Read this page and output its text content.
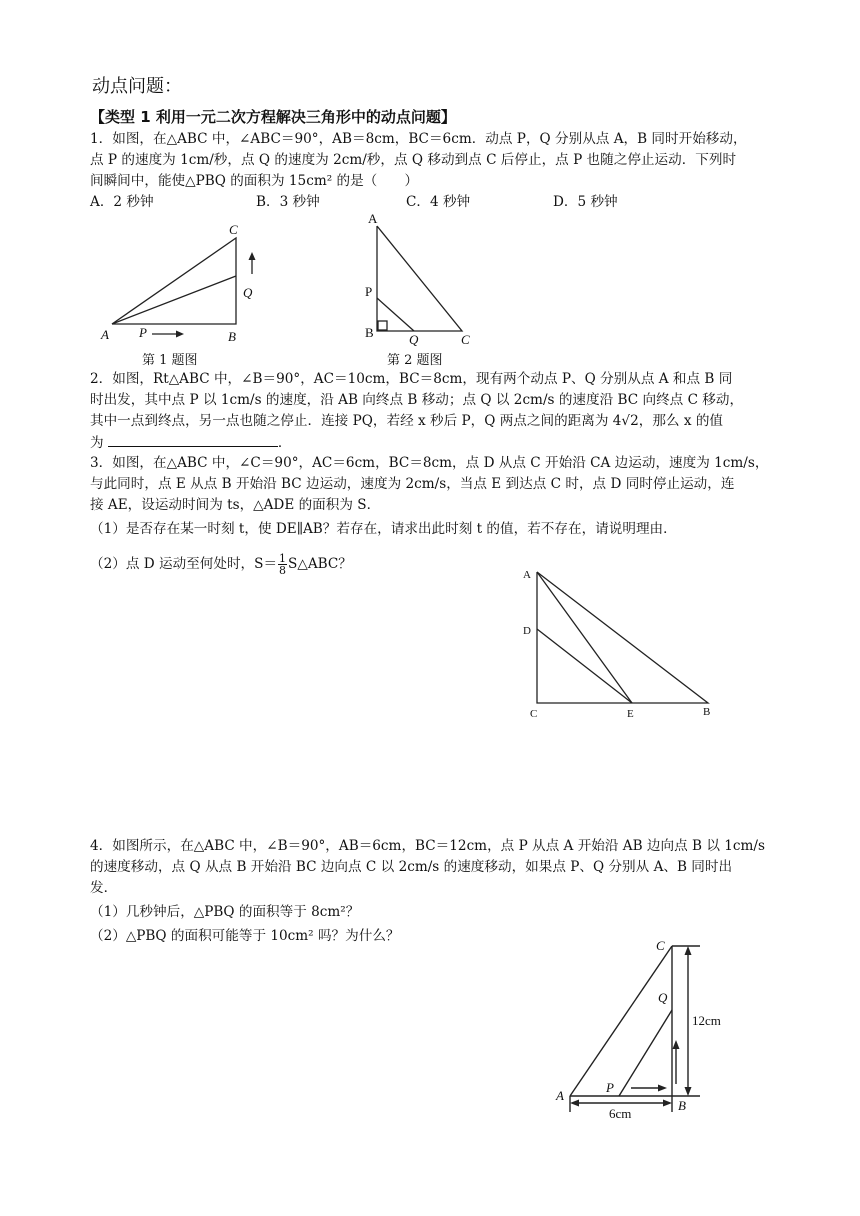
动点问题：
【类型 1 利用一元二次方程解决三角形中的动点问题】
1．如图，在△ABC 中，∠ABC＝90°，AB＝8cm，BC＝6cm．动点 P，Q 分别从点 A，B 同时开始移动，
点 P 的速度为 1cm/秒，点 Q 的速度为 2cm/秒，点 Q 移动到点 C 后停止，点 P 也随之停止运动．下列时
间瞬间中，能使△PBQ 的面积为 15cm² 的是（　　）
A．2 秒钟	B．3 秒钟	C．4 秒钟	D．5 秒钟
C
Q
A P	B
第 1 题图
A
P
B	Q	C
第 2 题图
2．如图，Rt△ABC 中，∠B＝90°，AC＝10cm，BC＝8cm，现有两个动点 P、Q 分别从点 A 和点 B 同
时出发，其中点 P 以 1cm/s 的速度，沿 AB 向终点 B 移动；点 Q 以 2cm/s 的速度沿 BC 向终点 C 移动，
其中一点到终点，另一点也随之停止．连接 PQ，若经 x 秒后 P，Q 两点之间的距离为 4√2，那么 x 的值
为	．
3．如图，在△ABC 中，∠C＝90°，AC＝6cm，BC＝8cm，点 D 从点 C 开始沿 CA 边运动，速度为 1cm/s，
与此同时，点 E 从点 B 开始沿 BC 边运动，速度为 2cm/s，当点 E 到达点 C 时，点 D 同时停止运动，连
接 AE，设运动时间为 ts，△ADE 的面积为 S．
（1）是否存在某一时刻 t，使 DE∥AB？若存在，请求出此时刻 t 的值，若不存在，请说明理由．
（2）点 D 运动至何处时，$S= \frac{1}{8}$ S△ABC？
A
D
C	E	B
4．如图所示，在△ABC 中，∠B＝90°，AB＝6cm，BC＝12cm，点 P 从点 A 开始沿 AB 边向点 B 以 1cm/s
的速度移动，点 Q 从点 B 开始沿 BC 边向点 C 以 2cm/s 的速度移动，如果点 P、Q 分别从 A、B 同时出
发．
（1）几秒钟后，△PBQ 的面积等于 8cm²？
（2）△PBQ 的面积可能等于 10cm² 吗？为什么？
C
Q
12cm
P
A
B
6cm
